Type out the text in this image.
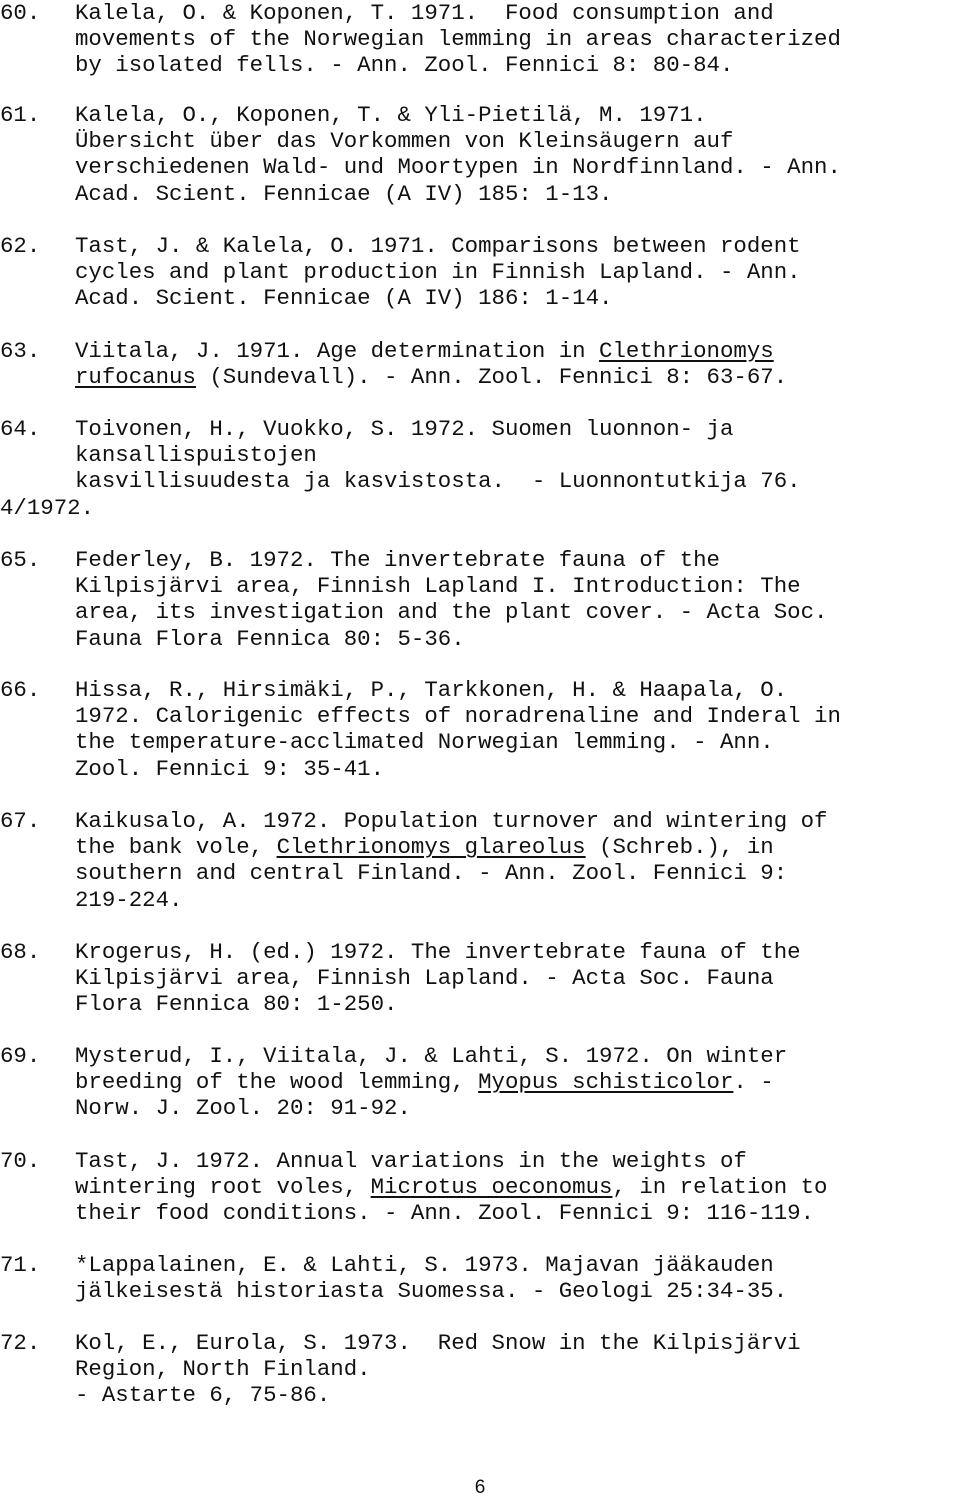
60. Kalela, O. & Koponen, T. 1971.  Food consumption and
movements of the Norwegian lemming in areas characterized
by isolated fells. - Ann. Zool. Fennici 8: 80-84.
61. Kalela, O., Koponen, T. & Yli-Pietilä, M. 1971.
Übersicht über das Vorkommen von Kleinsäugern auf
verschiedenen Wald- und Moortypen in Nordfinnland. - Ann.
Acad. Scient. Fennicae (A IV) 185: 1-13.
62. Tast, J. & Kalela, O. 1971. Comparisons between rodent
cycles and plant production in Finnish Lapland. - Ann.
Acad. Scient. Fennicae (A IV) 186: 1-14.
63. Viitala, J. 1971. Age determination in Clethrionomys
rufocanus (Sundevall). - Ann. Zool. Fennici 8: 63-67.
64. Toivonen, H., Vuokko, S. 1972. Suomen luonnon- ja
kansallispuistojen
kasvillisuudesta ja kasvistosta.  - Luonnontutkija 76.
4/1972.
65. Federley, B. 1972. The invertebrate fauna of the
Kilpisjärvi area, Finnish Lapland I. Introduction: The
area, its investigation and the plant cover. - Acta Soc.
Fauna Flora Fennica 80: 5-36.
66. Hissa, R., Hirsimäki, P., Tarkkonen, H. & Haapala, O.
1972. Calorigenic effects of noradrenaline and Inderal in
the temperature-acclimated Norwegian lemming. - Ann.
Zool. Fennici 9: 35-41.
67. Kaikusalo, A. 1972. Population turnover and wintering of
the bank vole, Clethrionomys glareolus (Schreb.), in
southern and central Finland. - Ann. Zool. Fennici 9:
219-224.
68. Krogerus, H. (ed.) 1972. The invertebrate fauna of the
Kilpisjärvi area, Finnish Lapland. - Acta Soc. Fauna
Flora Fennica 80: 1-250.
69. Mysterud, I., Viitala, J. & Lahti, S. 1972. On winter
breeding of the wood lemming, Myopus schisticolor. -
Norw. J. Zool. 20: 91-92.
70. Tast, J. 1972. Annual variations in the weights of
wintering root voles, Microtus oeconomus, in relation to
their food conditions. - Ann. Zool. Fennici 9: 116-119.
71. *Lappalainen, E. & Lahti, S. 1973. Majavan jääkauden
jälkeisestä historiasta Suomessa. - Geologi 25:34-35.
72. Kol, E., Eurola, S. 1973.  Red Snow in the Kilpisjärvi
Region, North Finland.
- Astarte 6, 75-86.
6
